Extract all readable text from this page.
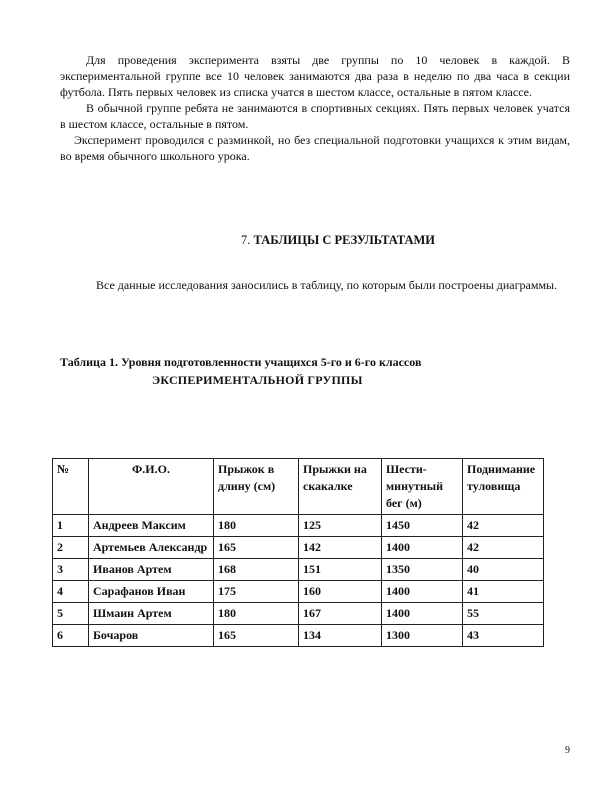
Для проведения эксперимента взяты две группы по 10 человек в каждой. В экспериментальной группе все 10 человек занимаются два раза в неделю по два часа в секции футбола. Пять первых человек из списка учатся в шестом классе, остальные в пятом классе.

В обычной группе ребята не занимаются в спортивных секциях. Пять первых человек учатся в шестом классе, остальные в пятом.

Эксперимент проводился с разминкой, но без специальной подготовки учащихся к этим видам, во время обычного школьного урока.

7. ТАБЛИЦЫ С РЕЗУЛЬТАТАМИ

Все данные исследования заносились в таблицу, по которым были построены диаграммы.

Таблица 1. Уровня подготовленности учащихся 5-го и 6-го классов
ЭКСПЕРИМЕНТАЛЬНОЙ ГРУППЫ
№	Ф.И.О.	Прыжок в длину (см)	Прыжки на скакалке	Шести-минутный бег (м)	Поднимание туловища
1	Андреев Максим	180	125	1450	42
2	Артемьев Александр	165	142	1400	42
3	Иванов Артем	168	151	1350	40
4	Сарафанов Иван	175	160	1400	41
5	Шмаин Артем	180	167	1400	55
6	Бочаров	165	134	1300	43
9
